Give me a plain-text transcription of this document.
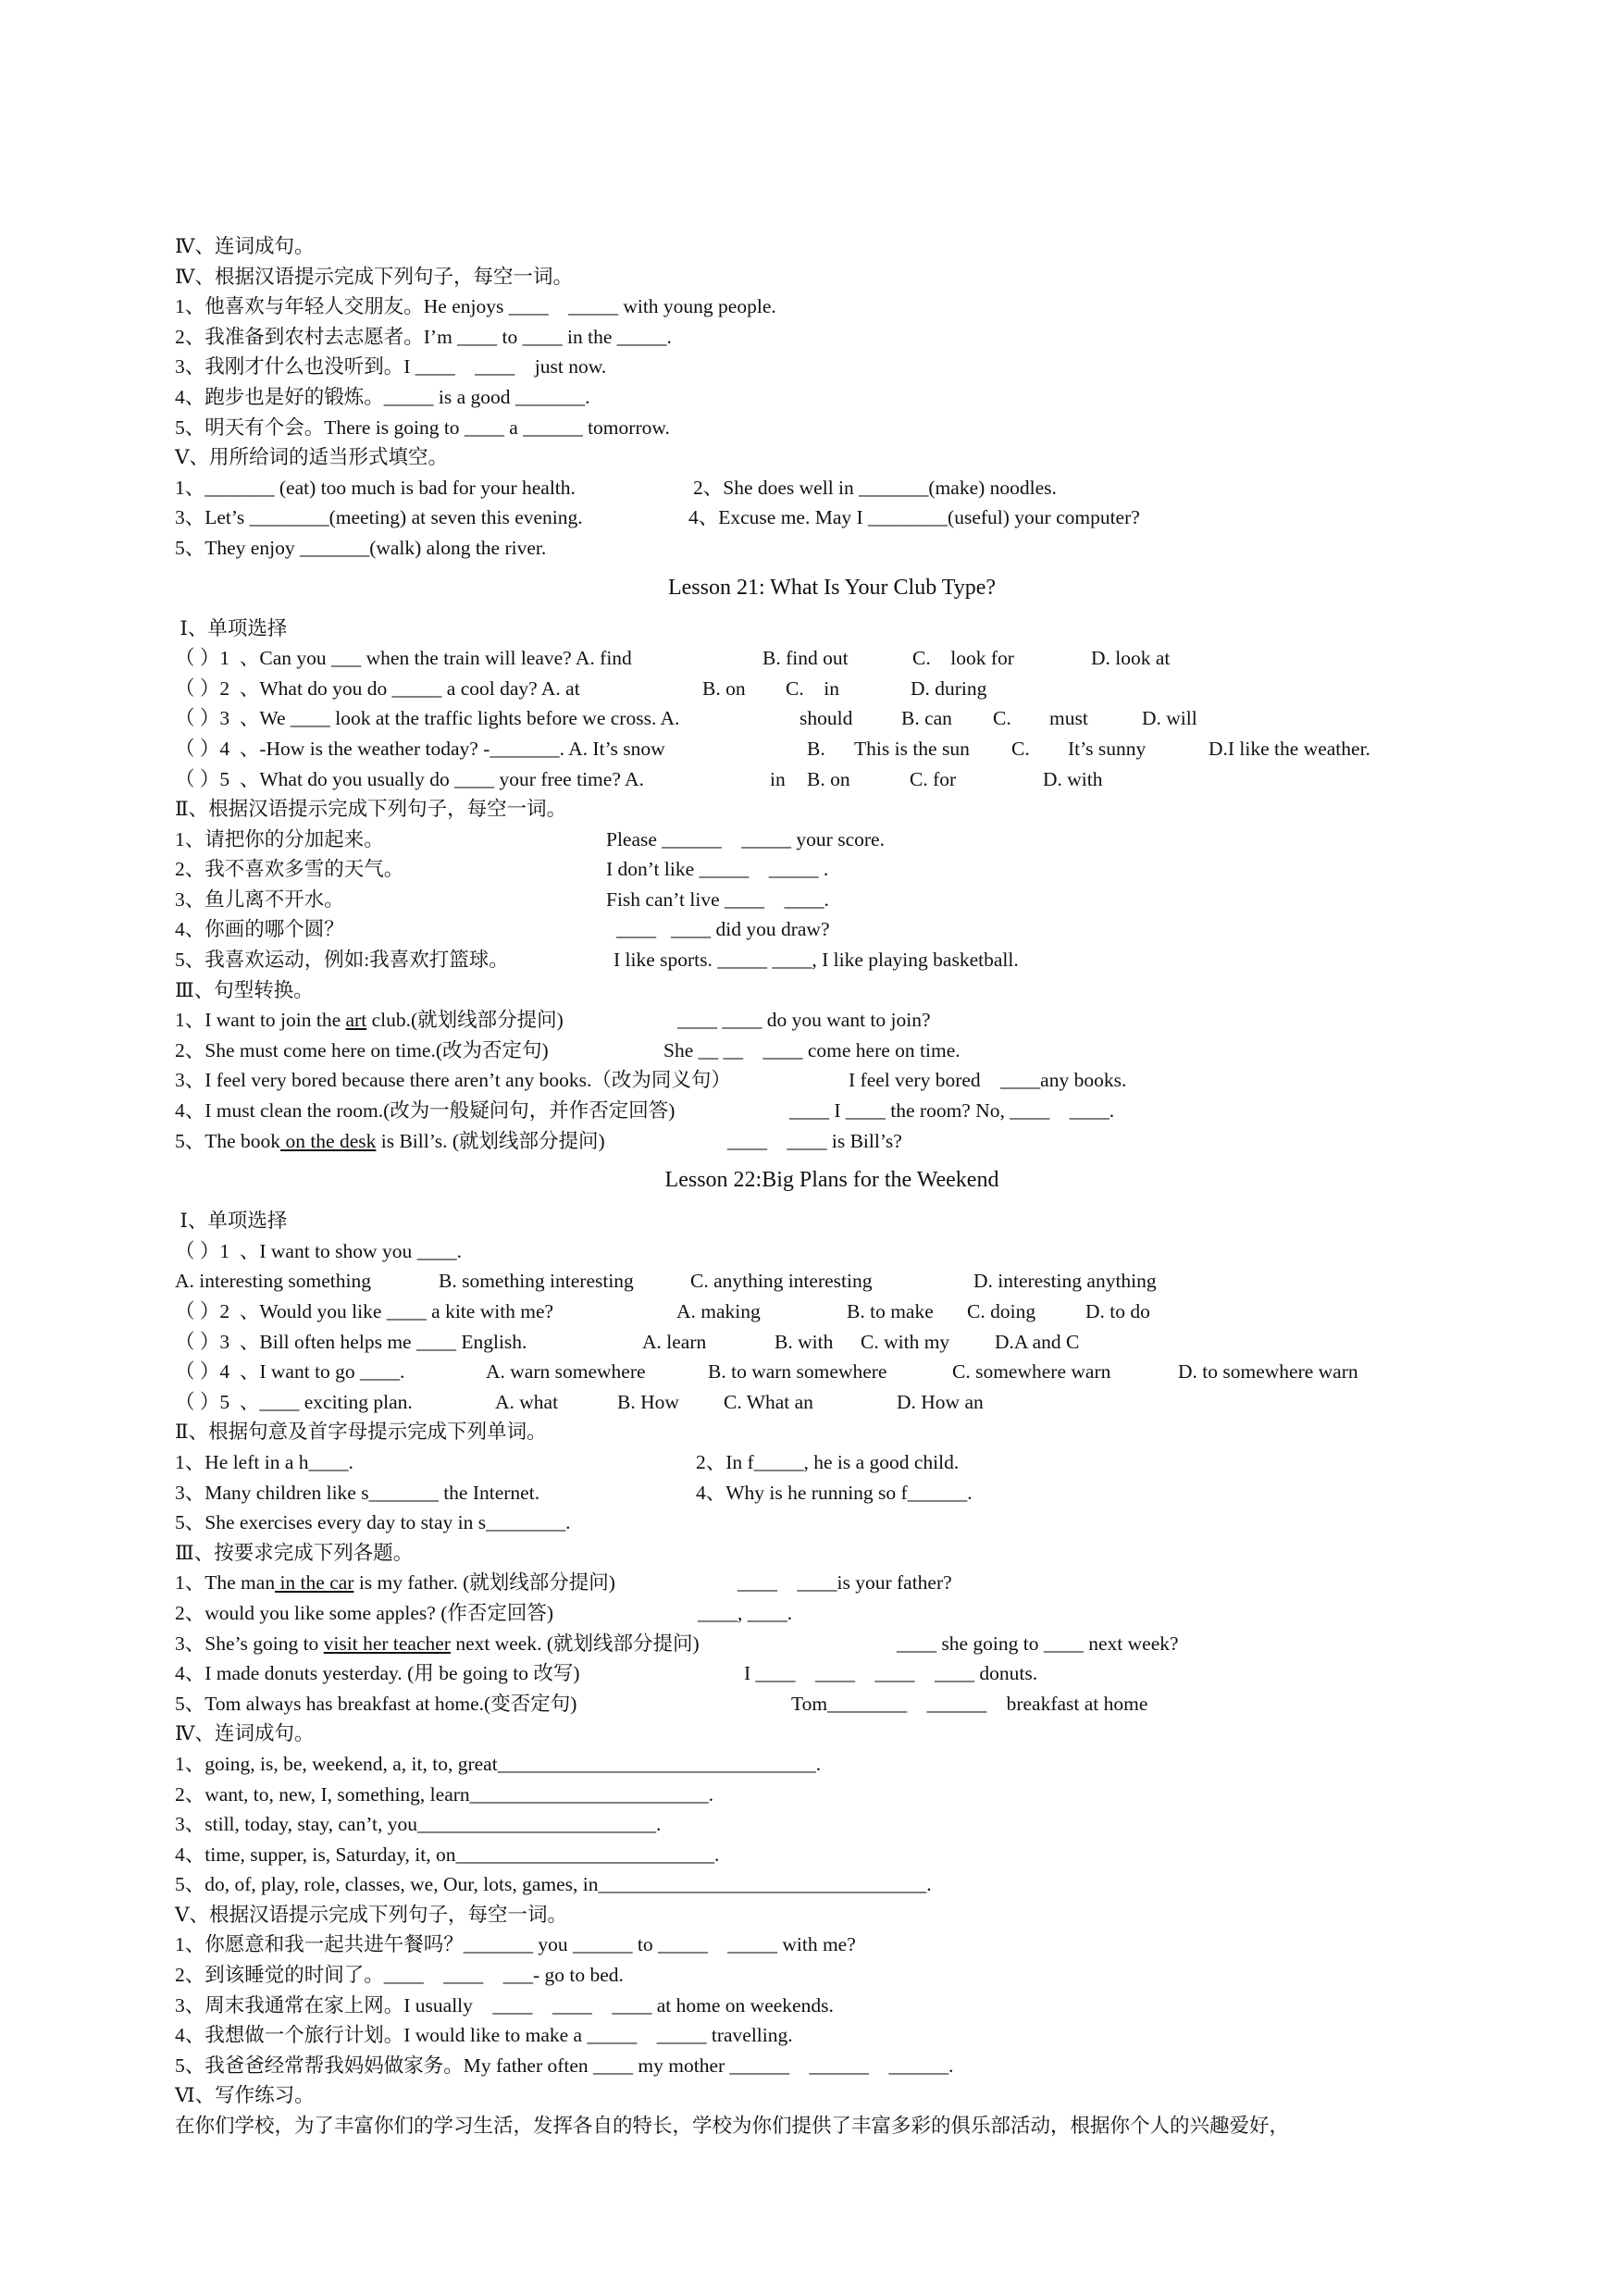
Ⅳ、连词成句。
Ⅳ、根据汉语提示完成下列句子，每空一词。
1、他喜欢与年轻人交朋友。He enjoys ____    _____ with young people.
2、我准备到农村去志愿者。I’m ____ to ____ in the _____.
3、我刚才什么也没听到。I ____    ____    just now.
4、跑步也是好的锻炼。_____ is a good _______.
5、明天有个会。There is going to ____ a ______ tomorrow.
Ⅴ、用所给词的适当形式填空。
1、_______ (eat) too much is bad for your health.	2、She does well in _______(make) noodles.
3、Let’s ________(meeting) at seven this evening.	4、Excuse me. May I ________(useful) your computer?
5、They enjoy _______(walk) along the river.
Lesson 21: What Is Your Club Type?
Ⅰ、单项选择
（ ）1  、Can you ___ when the train will leave? A. find	B. find out	C.    look for	D. look at
（ ）2  、What do you do _____ a cool day? A. at	B. on C.    in	D. during
（ ）3  、We ____ look at the traffic lights before we cross. A.	should B. can C. must	D. will
（ ）4  、-How is the weather today? -_______. A. It’s snow	B. This is the sun C. It’s sunny	D.I like the weather.
（ ）5  、What do you usually do ____ your free time? A.	in B. on	C. for	D. with
Ⅱ、根据汉语提示完成下列句子，每空一词。
1、请把你的分加起来。	Please ______    _____ your score.
2、我不喜欢多雪的天气。	I don’t like _____    _____ .
3、鱼儿离不开水。	Fish can’t live ____    ____.
4、你画的哪个圆？	____   ____ did you draw?
5、我喜欢运动，例如:我喜欢打篮球。	I like sports. _____ ____, I like playing basketball.
Ⅲ、句型转换。
1、I want to join the art club.(就划线部分提问)	____ ____ do you want to join?
2、She must come here on time.(改为否定句)	She __ __    ____ come here on time.
3、I feel very bored because there aren’t any books.（改为同义句）	I feel very bored    ____any books.
4、I must clean the room.(改为一般疑问句，并作否定回答)	____ I ____ the room? No, ____    ____.
5、The book on the desk is Bill’s. (就划线部分提问)	____    ____ is Bill’s?
Lesson 22:Big Plans for the Weekend
Ⅰ、单项选择
（ ）1  、I want to show you ____.
A. interesting something	B. something interesting	C. anything interesting	D. interesting anything
（ ）2  、Would you like ____ a kite with me?	A. making	B. to make C. doing	D. to do
（ ）3  、Bill often helps me ____ English.	A. learn	B. with C. with my D.A and C
（ ）4  、I want to go ____.	A. warn somewhere	B. to warn somewhere	C. somewhere warn	D. to somewhere warn
（ ）5  、____ exciting plan.	A. what	B. How C. What an	D. How an
Ⅱ、根据句意及首字母提示完成下列单词。
1、He left in a h____.	2、In f_____, he is a good child.
3、Many children like s_______ the Internet.	4、Why is he running so f______.
5、She exercises every day to stay in s________.
Ⅲ、按要求完成下列各题。
1、The man in the car is my father. (就划线部分提问)	____    ____is your father?
2、would you like some apples? (作否定回答)	____, ____.
3、She’s going to visit her teacher next week. (就划线部分提问)	____ she going to ____ next week?
4、I made donuts yesterday. (用 be going to 改写)	I ____    ____    ____    ____ donuts.
5、Tom always has breakfast at home.(变否定句)	Tom________    ______    breakfast at home
Ⅳ、连词成句。
1、going, is, be, weekend, a, it, to, great________________________________.
2、want, to, new, I, something, learn________________________.
3、still, today, stay, can’t, you________________________.
4、time, supper, is, Saturday, it, on__________________________.
5、do, of, play, role, classes, we, Our, lots, games, in_________________________________.
Ⅴ、根据汉语提示完成下列句子，每空一词。
1、你愿意和我一起共进午餐吗？_______ you ______ to _____    _____ with me?
2、到该睡觉的时间了。____    ____    ___- go to bed.
3、周末我通常在家上网。I usually    ____    ____    ____ at home on weekends.
4、我想做一个旅行计划。I would like to make a _____    _____ travelling.
5、我爸爸经常帮我妈妈做家务。My father often ____ my mother ______    ______    ______.
Ⅵ、写作练习。
在你们学校，为了丰富你们的学习生活，发挥各自的特长，学校为你们提供了丰富多彩的俱乐部活动，根据你个人的兴趣爱好，
